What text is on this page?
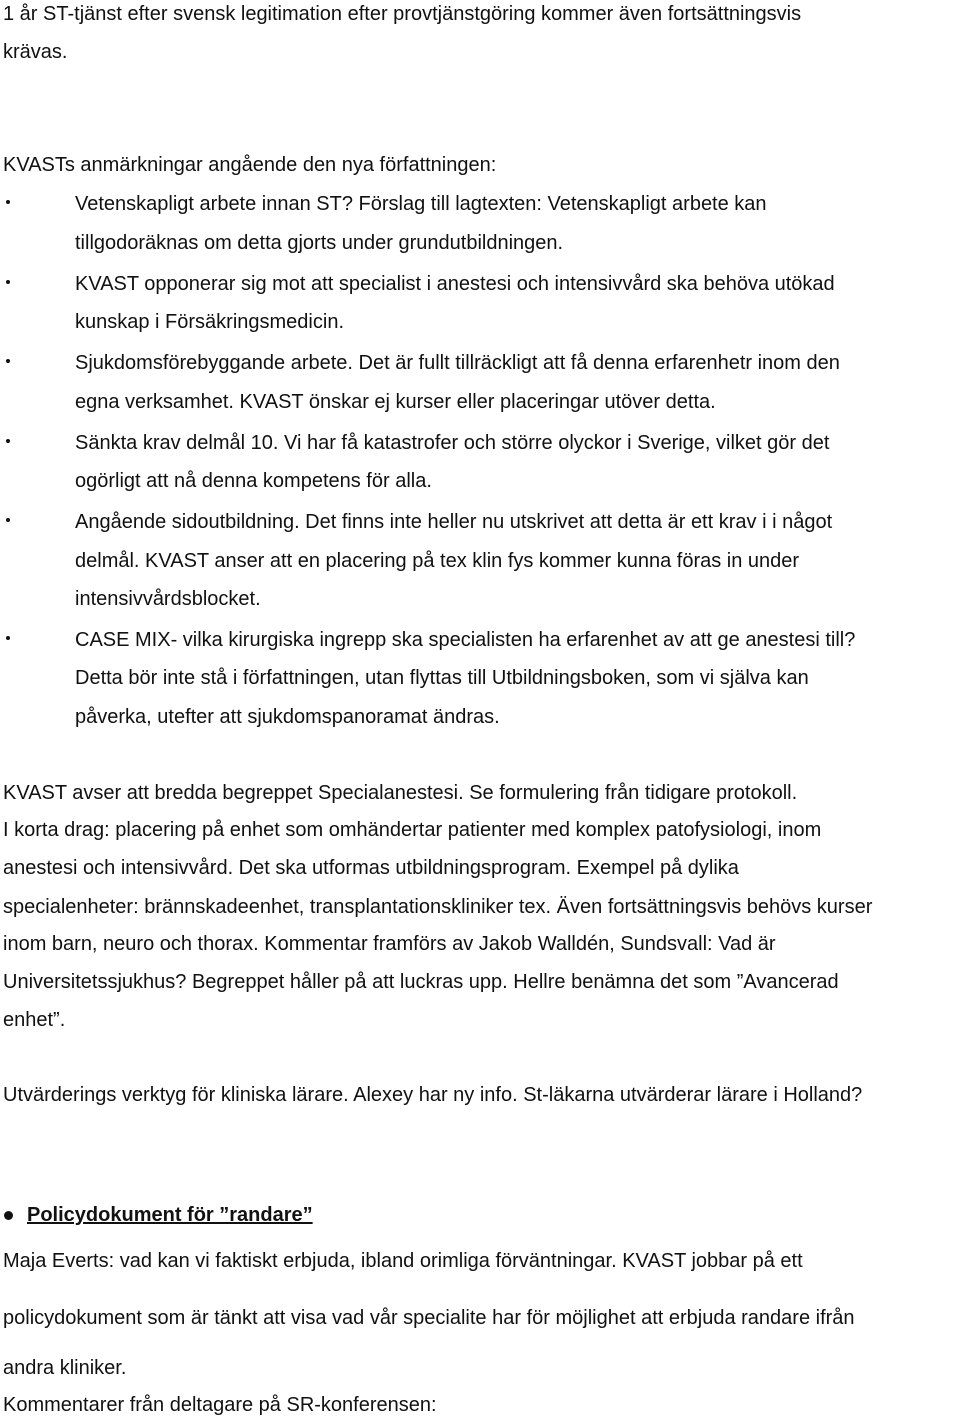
1 år ST-tjänst efter svensk legitimation efter provtjänstgöring kommer även fortsättningsvis
krävas.
KVASTs anmärkningar angående den nya författningen:
Vetenskapligt arbete innan ST? Förslag till lagtexten: Vetenskapligt arbete kan
tillgodoräknas om detta gjorts under grundutbildningen.
KVAST opponerar sig mot att specialist i anestesi och intensivvård ska behöva utökad
kunskap i Försäkringsmedicin.
Sjukdomsförebyggande arbete. Det är fullt tillräckligt att få denna erfarenhetr inom den
egna verksamhet. KVAST önskar ej kurser eller placeringar utöver detta.
Sänkta krav delmål 10. Vi har få katastrofer och större olyckor i Sverige, vilket gör det
ogörligt att nå denna kompetens för alla.
Angående sidoutbildning. Det finns inte heller nu utskrivet att detta är ett krav i i något
delmål. KVAST anser att en placering på tex klin fys kommer kunna föras in under
intensivvårdsblocket.
CASE MIX- vilka kirurgiska ingrepp ska specialisten ha erfarenhet av att ge anestesi till?
Detta bör inte stå i författningen, utan flyttas till Utbildningsboken, som vi själva kan
påverka, utefter att sjukdomspanoramat ändras.
KVAST avser att bredda begreppet Specialanestesi. Se formulering från tidigare protokoll.
I korta drag: placering på enhet som omhändertar patienter med komplex patofysiologi, inom
anestesi och intensivvård. Det ska utformas utbildningsprogram. Exempel på dylika
specialenheter: brännskadeenhet, transplantationskliniker tex. Även fortsättningsvis behövs kurser
inom barn, neuro och thorax. Kommentar framförs av Jakob Walldén, Sundsvall: Vad är
Universitetssjukhus? Begreppet håller på att luckras upp. Hellre benämna det som ”Avancerad
enhet”.
Utvärderings verktyg för kliniska lärare. Alexey har ny info. St-läkarna utvärderar lärare i Holland?
Policydokument för ”randare”
Maja Everts: vad kan vi faktiskt erbjuda, ibland orimliga förväntningar. KVAST jobbar på ett
policydokument som är tänkt att visa vad vår specialite har för möjlighet att erbjuda randare ifrån
andra kliniker.
Kommentarer från deltagare på SR-konferensen:
